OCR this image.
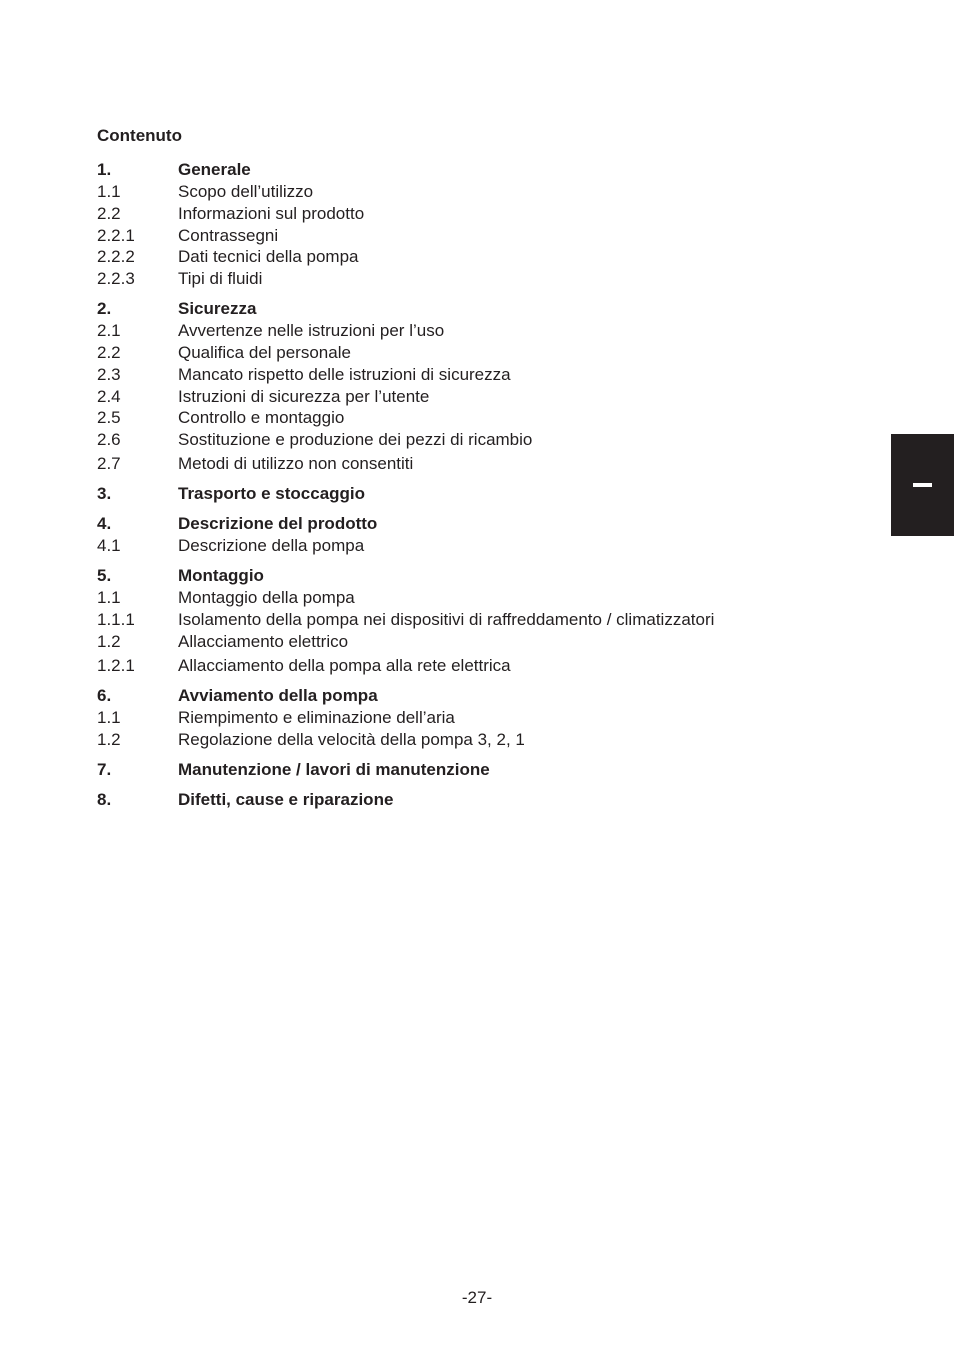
Contenuto
1.	Generale
1.1	Scopo dell’utilizzo
2.2	Informazioni sul prodotto
2.2.1	Contrassegni
2.2.2	Dati tecnici della pompa
2.2.3	Tipi di fluidi
2.	Sicurezza
2.1	Avvertenze nelle istruzioni per l’uso
2.2	Qualifica del personale
2.3	Mancato rispetto delle istruzioni di sicurezza
2.4	Istruzioni di sicurezza per l’utente
2.5	Controllo e montaggio
2.6	Sostituzione e produzione dei pezzi di ricambio
2.7	Metodi di utilizzo non consentiti
3.	Trasporto e stoccaggio
4.	Descrizione del prodotto
4.1	Descrizione della pompa
5.	Montaggio
1.1	Montaggio della pompa
1.1.1	Isolamento della pompa nei dispositivi di raffreddamento / climatizzatori
1.2	Allacciamento elettrico
1.2.1	Allacciamento della pompa alla rete elettrica
6.	Avviamento della pompa
1.1	Riempimento e eliminazione dell’aria
1.2	Regolazione della velocità della pompa 3, 2, 1
7.	Manutenzione / lavori di manutenzione
8.	Difetti, cause e riparazione
-27-
